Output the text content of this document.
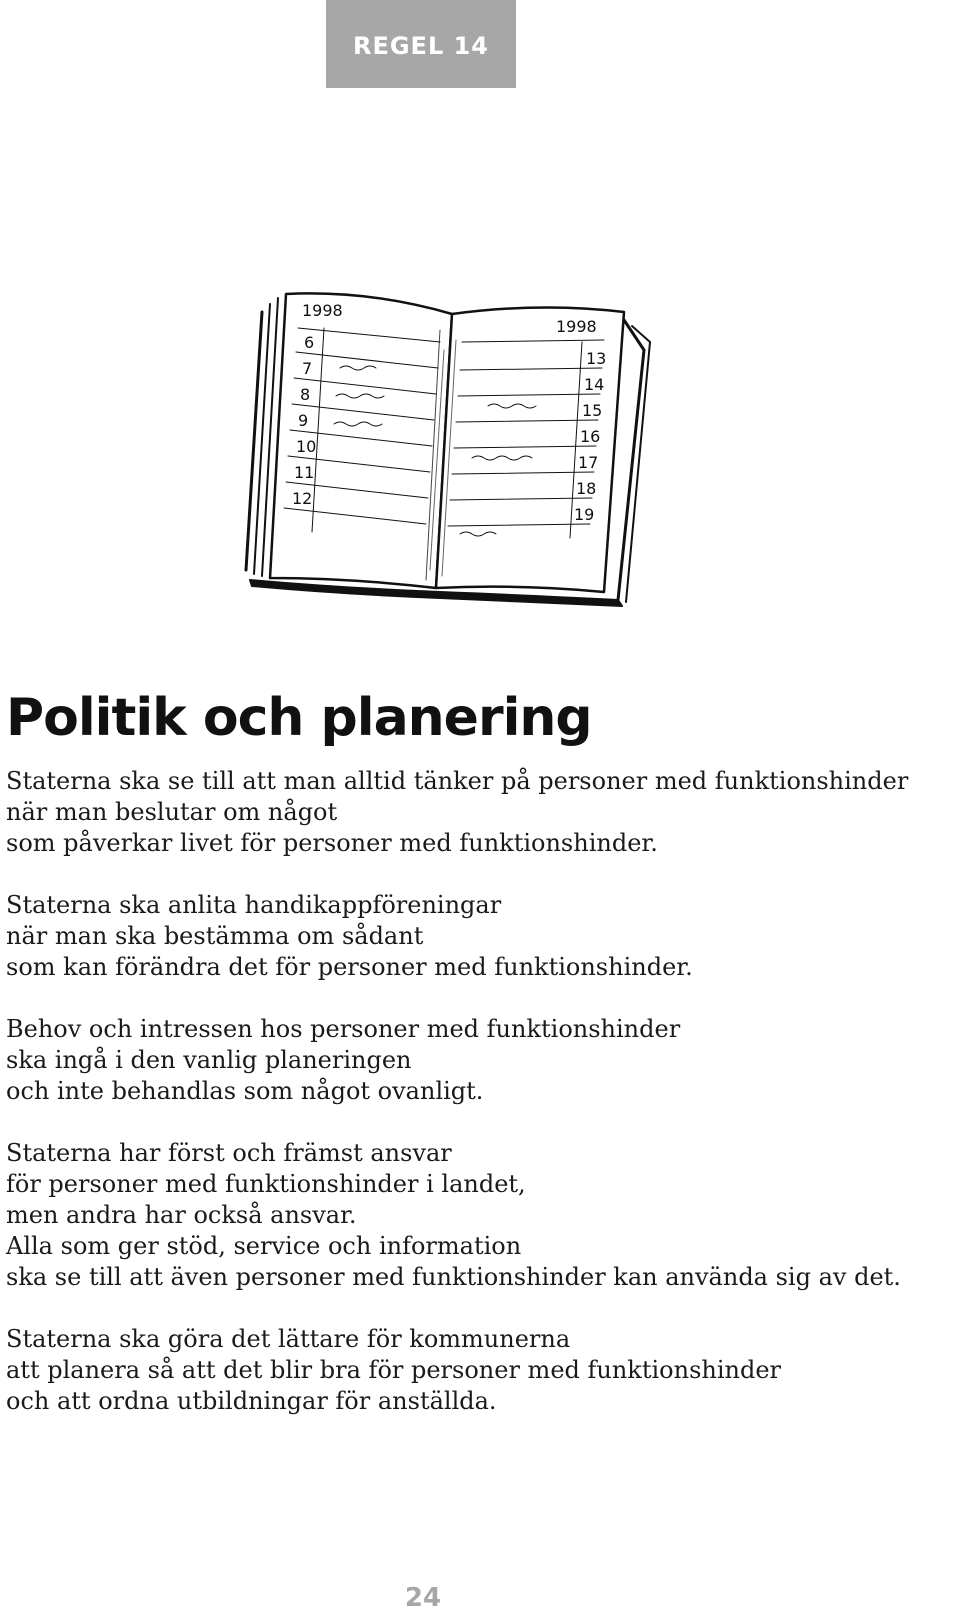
REGEL 14
1998
6
7
8
9
10
11
12
1998
13
14
15
16
17
18
19
Politik och planering

Staterna ska se till att man alltid tänker på personer med funktionshinder
när man beslutar om något
som påverkar livet för personer med funktionshinder.

Staterna ska anlita handikappföreningar
när man ska bestämma om sådant
som kan förändra det för personer med funktionshinder.

Behov och intressen hos personer med funktionshinder
ska ingå i den vanlig planeringen
och inte behandlas som något ovanligt.

Staterna har först och främst ansvar
för personer med funktionshinder i landet,
men andra har också ansvar.
Alla som ger stöd, service och information
ska se till att även personer med funktionshinder kan använda sig av det.

Staterna ska göra det lättare för kommunerna
att planera så att det blir bra för personer med funktionshinder
och att ordna utbildningar för anställda.

24
